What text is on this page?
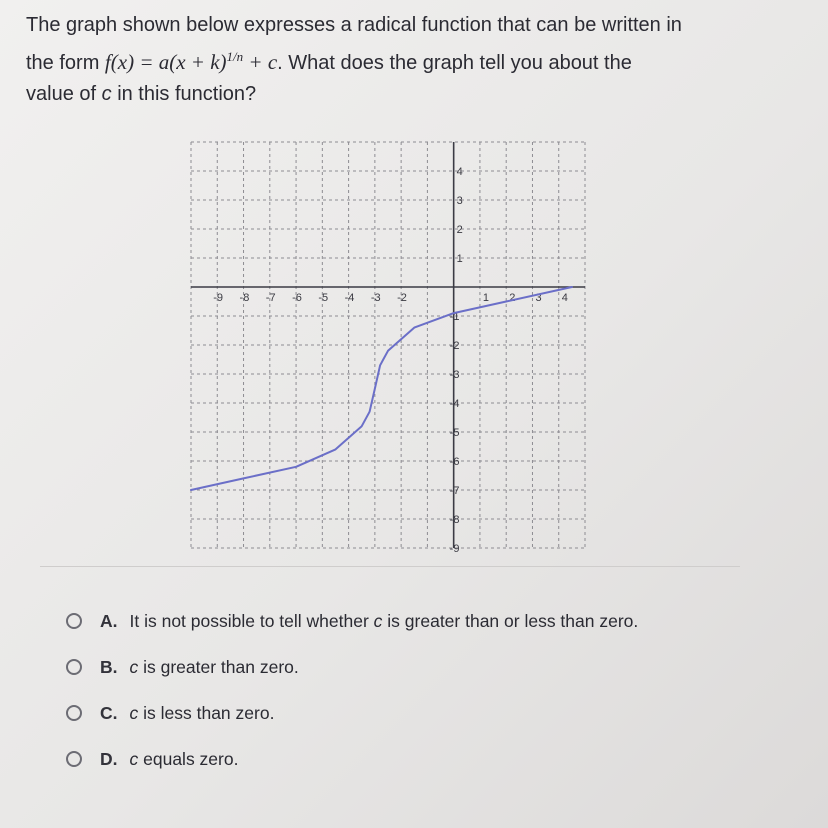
The graph shown below expresses a radical function that can be written in
the form $f(x) = a(x + k)^{1/n} + c$. What does the graph tell you about the
value of c in this function?
-9 -8 -7 -6 -5 -4 -3 -2	1 2 3 4
4
3
2
1
-1
-2
-3
-4
-5
-6
-7
-8
-9
A. It is not possible to tell whether c is greater than or less than zero.
B. c is greater than zero.
C. c is less than zero.
D. c equals zero.
